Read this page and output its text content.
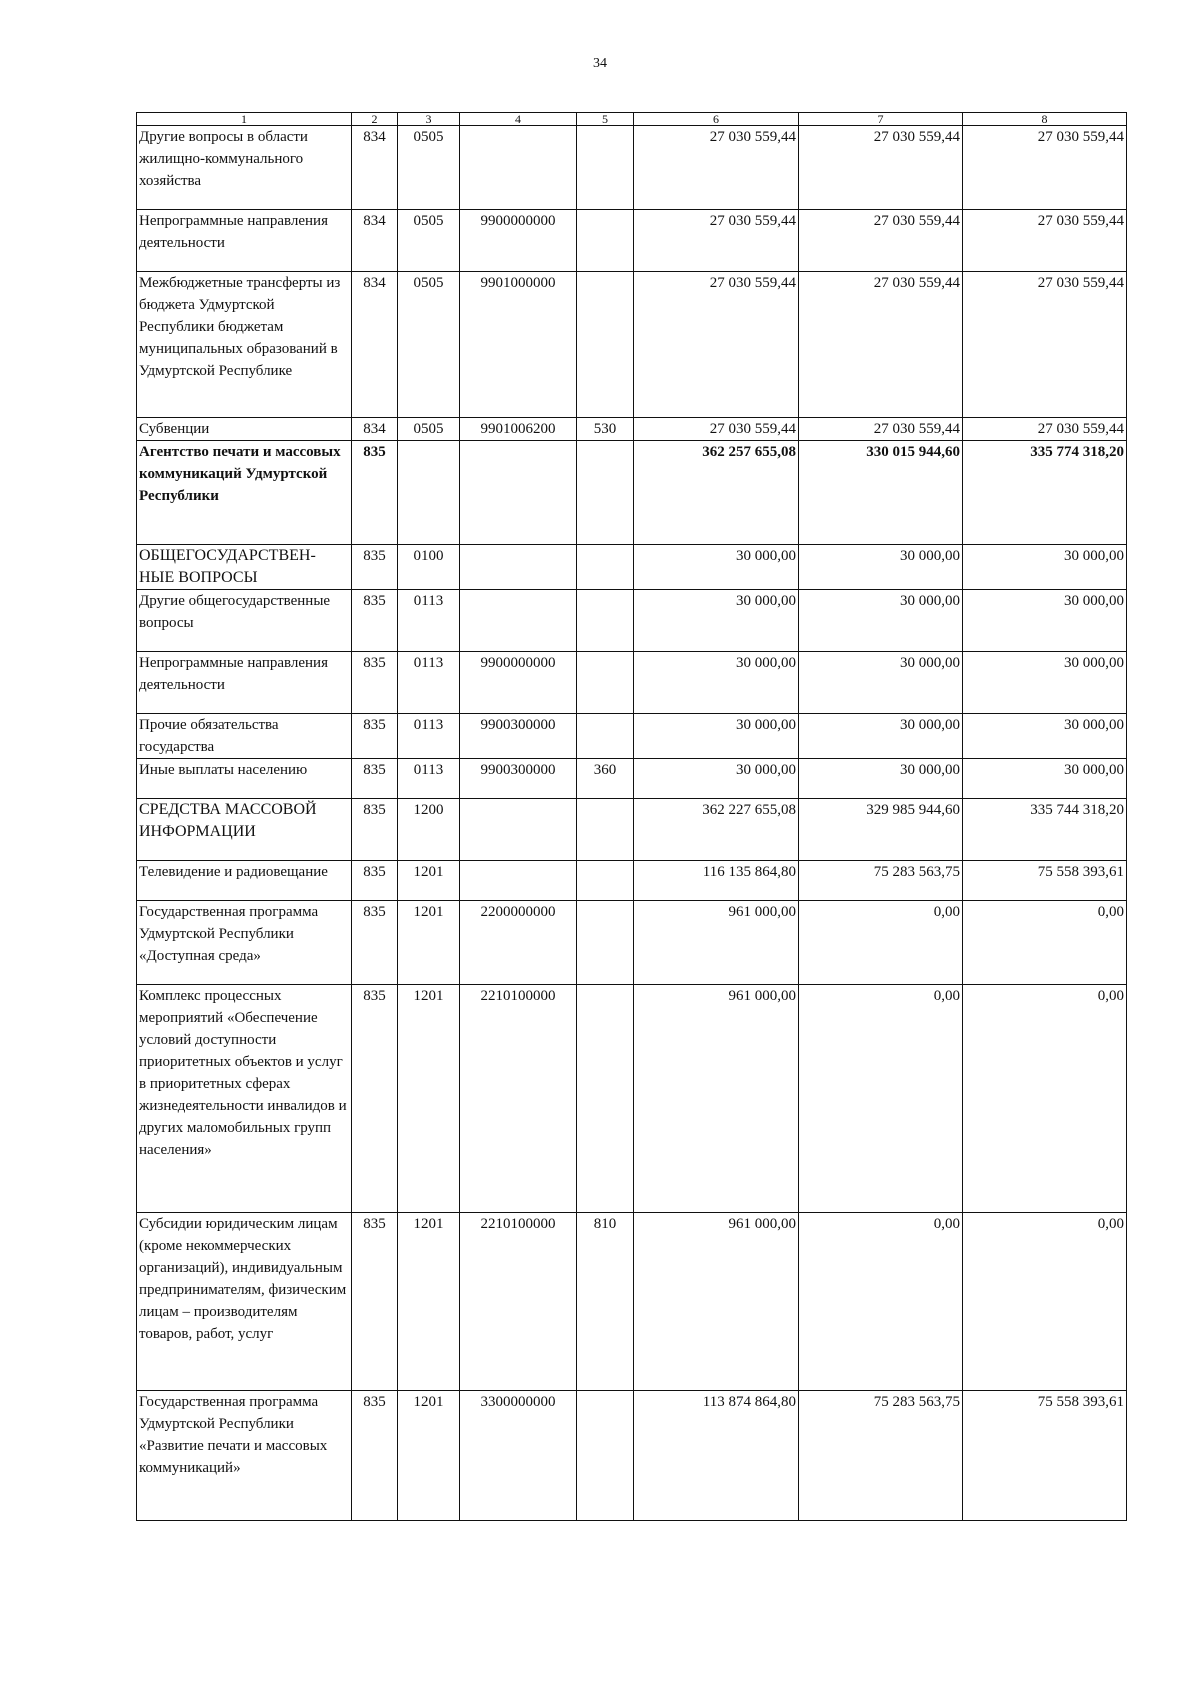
34
1	2	3	4	5	6	7	8
Другие вопросы в области жилищно-коммунального хозяйства	834	0505			27 030 559,44	27 030 559,44	27 030 559,44
Непрограммные направления деятельности	834	0505	9900000000		27 030 559,44	27 030 559,44	27 030 559,44
Межбюджетные трансферты из бюджета Удмуртской Республики бюджетам муниципальных образований в Удмуртской Республике	834	0505	9901000000		27 030 559,44	27 030 559,44	27 030 559,44
Субвенции	834	0505	9901006200	530	27 030 559,44	27 030 559,44	27 030 559,44
Агентство печати и массовых коммуникаций Удмуртской Республики	835				362 257 655,08	330 015 944,60	335 774 318,20
ОБЩЕГОСУДАРСТВЕН-НЫЕ ВОПРОСЫ	835	0100			30 000,00	30 000,00	30 000,00
Другие общегосударственные вопросы	835	0113			30 000,00	30 000,00	30 000,00
Непрограммные направления деятельности	835	0113	9900000000		30 000,00	30 000,00	30 000,00
Прочие обязательства государства	835	0113	9900300000		30 000,00	30 000,00	30 000,00
Иные выплаты населению	835	0113	9900300000	360	30 000,00	30 000,00	30 000,00
СРЕДСТВА МАССОВОЙ ИНФОРМАЦИИ	835	1200			362 227 655,08	329 985 944,60	335 744 318,20
Телевидение и радиовещание	835	1201			116 135 864,80	75 283 563,75	75 558 393,61
Государственная программа Удмуртской Республики «Доступная среда»	835	1201	2200000000		961 000,00	0,00	0,00
Комплекс процессных мероприятий «Обеспечение условий доступности приоритетных объектов и услуг в приоритетных сферах жизнедеятельности инвалидов и других маломобильных групп населения»	835	1201	2210100000		961 000,00	0,00	0,00
Субсидии юридическим лицам (кроме некоммерческих организаций), индивидуальным предпринимателям, физическим лицам – производителям товаров, работ, услуг	835	1201	2210100000	810	961 000,00	0,00	0,00
Государственная программа Удмуртской Республики «Развитие печати и массовых коммуникаций»	835	1201	3300000000		113 874 864,80	75 283 563,75	75 558 393,61
